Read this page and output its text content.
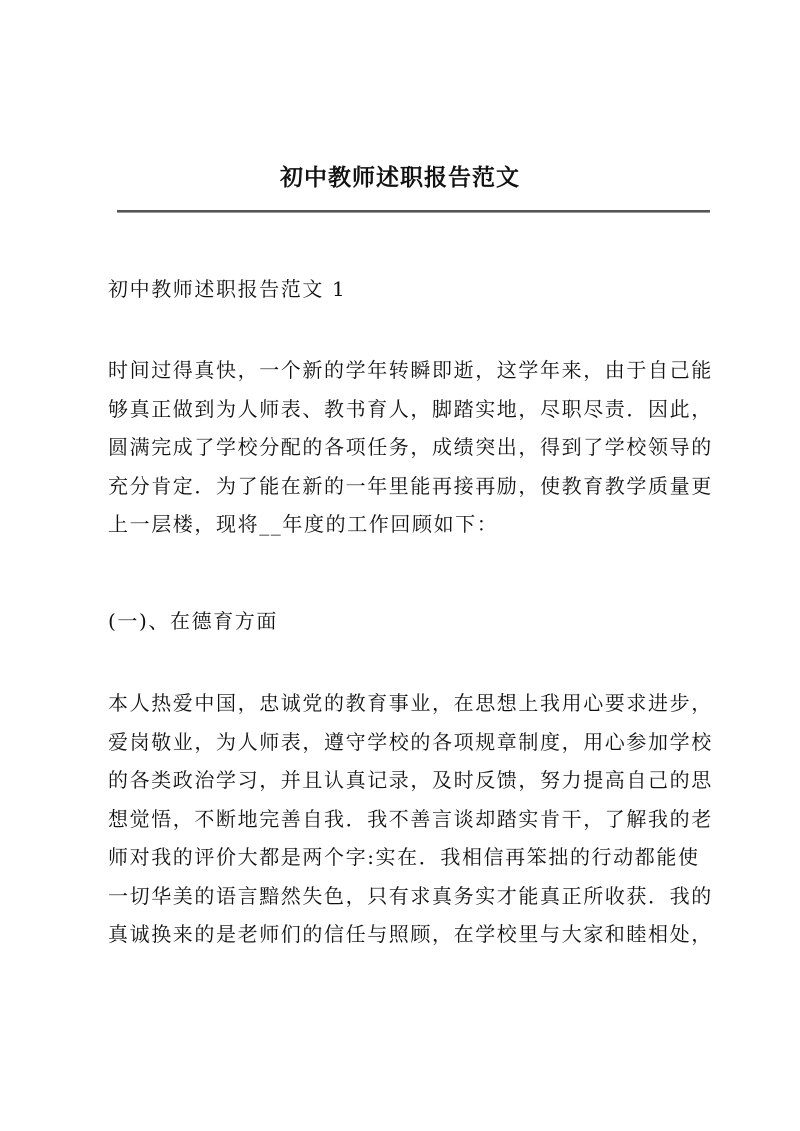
初中教师述职报告范文

初中教师述职报告范文 1

时间过得真快，一个新的学年转瞬即逝，这学年来，由于自己能
够真正做到为人师表、教书育人，脚踏实地，尽职尽责．因此，
圆满完成了学校分配的各项任务，成绩突出，得到了学校领导的
充分肯定．为了能在新的一年里能再接再励，使教育教学质量更
上一层楼，现将__年度的工作回顾如下：

(一)、在德育方面

本人热爱中国，忠诚党的教育事业，在思想上我用心要求进步，
爱岗敬业，为人师表，遵守学校的各项规章制度，用心参加学校
的各类政治学习，并且认真记录，及时反馈，努力提高自己的思
想觉悟，不断地完善自我．我不善言谈却踏实肯干，了解我的老
师对我的评价大都是两个字:实在．我相信再笨拙的行动都能使
一切华美的语言黯然失色，只有求真务实才能真正所收获．我的
真诚换来的是老师们的信任与照顾，在学校里与大家和睦相处，
